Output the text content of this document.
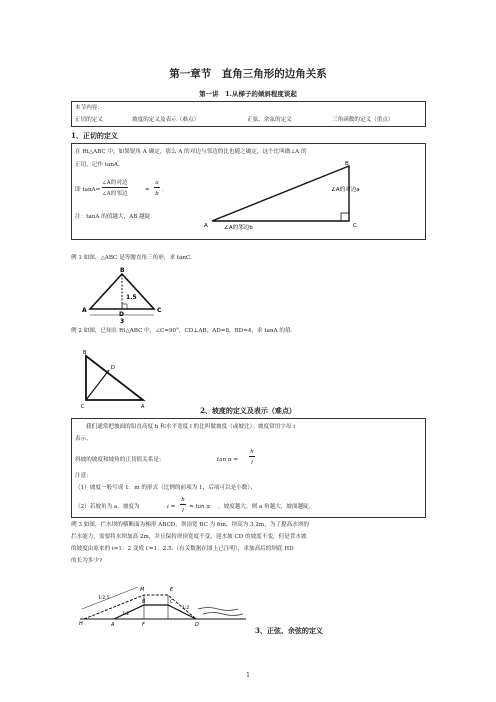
第一章节　直角三角形的边角关系
第一讲　1.从梯子的倾斜程度谈起
本节内容：
正切的定义	坡度的定义及表示（难点）	正弦、余弦的定义	三角函数的定义（重点）
1、正切的定义
在 Rt△ABC 中，如果锐角 A 确定，那么 A 的对边与邻边的比也随之确定，这个比叫做∠A 的
正切，记作 tanA。
即 tanA=
∠A的对边
∠A的邻边
=
a
b
.
注：tanA 的值越大，AB 越陡.
A	C
B
∠A的对边a
∠A的邻边b
例 1 如图，△ABC 是等腰直角三角形，求 tanC.
B
A	C
D
1.5
3
例 2 如图，已知在 Rt△ABC 中，∠C=90°，CD⊥AB，AD=8，BD=4，求 tanA 的值.
B
D
C	A	2、坡度的定义及表示（难点）
我们通常把坡面的铅直高度 h 和水平宽度 l 的比叫做坡度（或坡比）。坡度常用字母 i
表示。
斜坡的坡度和坡角的正切值关系是：	tan α =
h
l
注意：
（1）坡度一般写成 1：m 的形式（比例的前项为 1，后项可以是小数）；
（2）若坡角为 a，坡度为	i =
h
l
= tan α ，坡度越大，则 a 角越大，坡面越陡。
例 3 如图，拦水坝的横断面为梯形 ABCD，坝顶宽 BC 为 6m，坝高为 3.2m，为了提高水坝的
拦水能力，需要将水坝加高 2m，并且保持坝顶宽度不变，迎水坡 CD 的坡度不变，但是背水坡
的坡度由原来的 i=1：2 变成 i′=1：2.5.（有关数据在图上已注明），求加高后的坝底 HD
的长为多少?
M	E
B	C
H	A	F	D
1:2.5
1:2
1:2
3、正弦、余弦的定义
1
